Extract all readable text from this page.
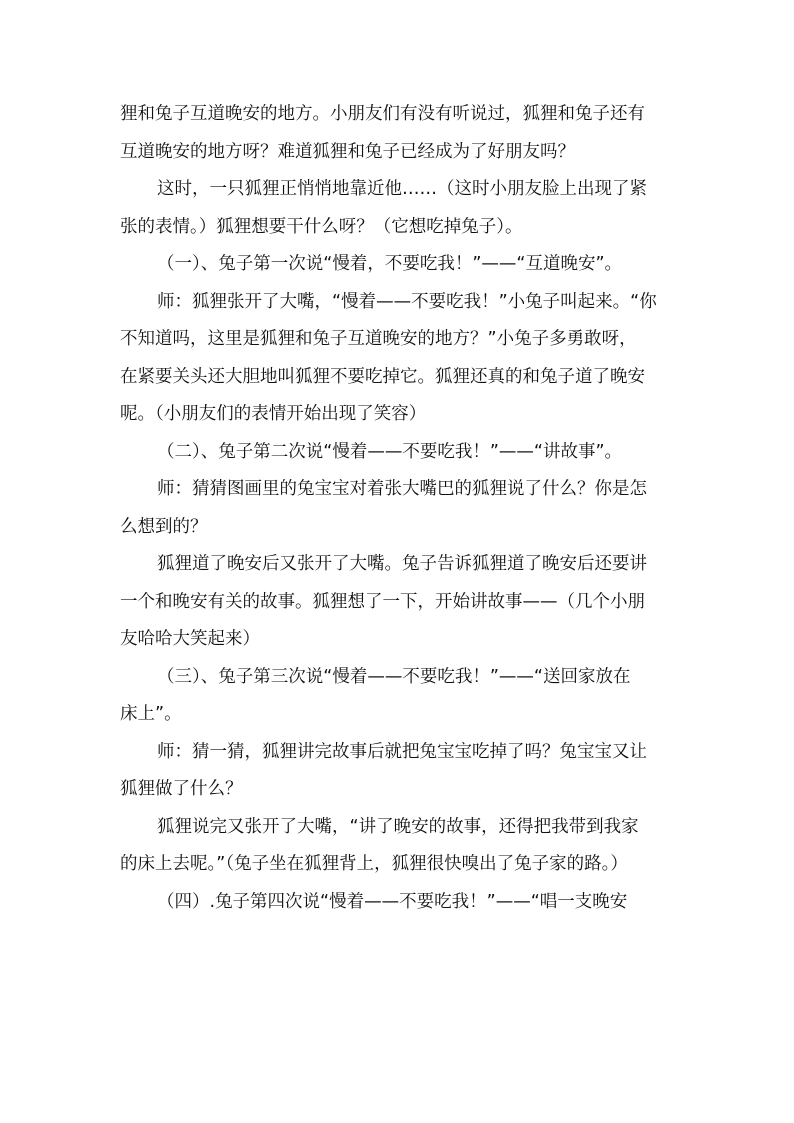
狸和兔子互道晚安的地方。小朋友们有没有听说过，狐狸和兔子还有
互道晚安的地方呀？难道狐狸和兔子已经成为了好朋友吗？
这时，一只狐狸正悄悄地靠近他……（这时小朋友脸上出现了紧
张的表情。）狐狸想要干什么呀？（它想吃掉兔子）。
（一）、兔子第一次说“慢着，不要吃我！”——“互道晚安”。
师：狐狸张开了大嘴，“慢着——不要吃我！”小兔子叫起来。“你
不知道吗，这里是狐狸和兔子互道晚安的地方？”小兔子多勇敢呀，
在紧要关头还大胆地叫狐狸不要吃掉它。狐狸还真的和兔子道了晚安
呢。（小朋友们的表情开始出现了笑容）
（二）、兔子第二次说“慢着——不要吃我！”——“讲故事”。
师：猜猜图画里的兔宝宝对着张大嘴巴的狐狸说了什么？你是怎
么想到的？
狐狸道了晚安后又张开了大嘴。兔子告诉狐狸道了晚安后还要讲
一个和晚安有关的故事。狐狸想了一下，开始讲故事——（几个小朋
友哈哈大笑起来）
（三）、兔子第三次说“慢着——不要吃我！”——“送回家放在
床上”。
师：猜一猜，狐狸讲完故事后就把兔宝宝吃掉了吗？兔宝宝又让
狐狸做了什么？
狐狸说完又张开了大嘴，“讲了晚安的故事，还得把我带到我家
的床上去呢。”（兔子坐在狐狸背上，狐狸很快嗅出了兔子家的路。）
（四）.兔子第四次说“慢着——不要吃我！”——“唱一支晚安
